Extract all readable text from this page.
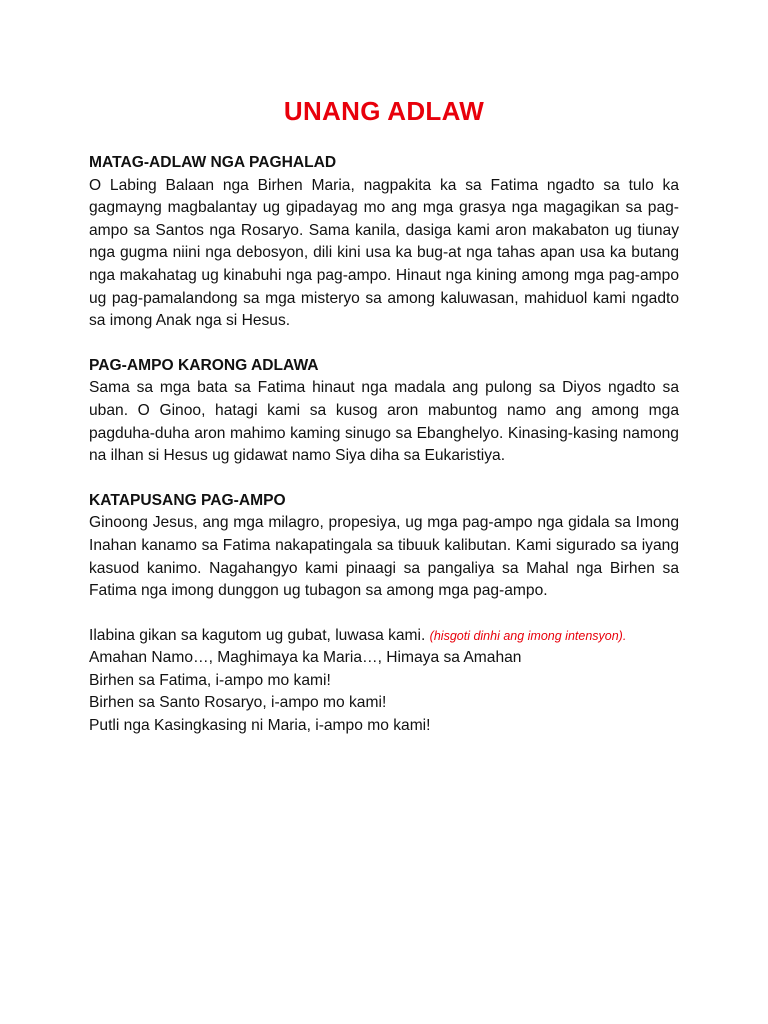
UNANG ADLAW

MATAG-ADLAW NGA PAGHALAD

O Labing Balaan nga Birhen Maria, nagpakita ka sa Fatima ngadto sa tulo ka gagmayng magbalantay ug gipadayag mo ang mga grasya nga magagikan sa pag-ampo sa Santos nga Rosaryo. Sama kanila, dasiga kami aron makabaton ug tiunay nga gugma niini nga debosyon, dili kini usa ka bug-at nga tahas apan usa ka butang nga makahatag ug kinabuhi nga pag-ampo. Hinaut nga kining among mga pag-ampo ug pag-pamalandong sa mga misteryo sa among kaluwasan, mahiduol kami ngadto sa imong Anak nga si Hesus.

PAG-AMPO KARONG ADLAWA

Sama sa mga bata sa Fatima hinaut nga madala ang pulong sa Diyos ngadto sa uban. O Ginoo, hatagi kami sa kusog aron mabuntog namo ang among mga pagduha-duha aron mahimo kaming sinugo sa Ebanghelyo. Kinasing-kasing namong na ilhan si Hesus ug gidawat namo Siya diha sa Eukaristiya.

KATAPUSANG PAG-AMPO

Ginoong Jesus, ang mga milagro, propesiya, ug mga pag-ampo nga gidala sa Imong Inahan kanamo sa Fatima nakapatingala sa tibuuk kalibutan. Kami sigurado sa iyang kasuod kanimo. Nagahangyo kami pinaagi sa pangaliya sa Mahal nga Birhen sa Fatima nga imong dunggon ug tubagon sa among mga pag-ampo.

Ilabina gikan sa kagutom ug gubat, luwasa kami. (hisgoti dinhi ang imong intensyon).

Amahan Namo…, Maghimaya ka Maria…, Himaya sa Amahan

Birhen sa Fatima, i-ampo mo kami!

Birhen sa Santo Rosaryo, i-ampo mo kami!

Putli nga Kasingkasing ni Maria, i-ampo mo kami!
